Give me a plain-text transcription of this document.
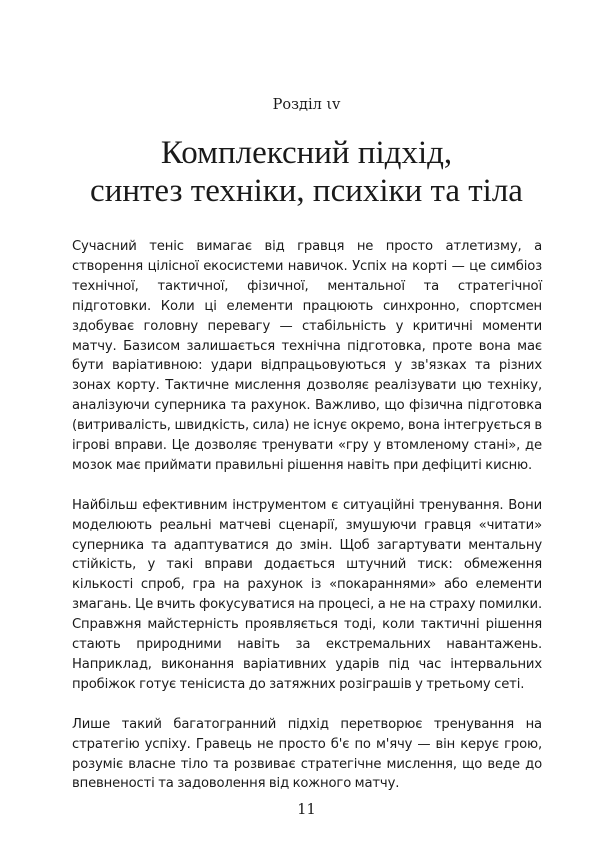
Розділ ιv
Комплексний підхід,
синтез техніки, психіки та тіла

Сучасний теніс вимагає від гравця не просто атлетизму, а створення цілісної екосистеми навичок. Успіх на корті — це симбіоз технічної, тактичної, фізичної, ментальної та стратегічної підготовки. Коли ці елементи працюють синхронно, спортсмен здобуває головну перевагу — стабільність у критичні моменти матчу. Базисом залишається технічна підготовка, проте вона має бути варіативною: удари відпрацьовуються у зв'язках та різних зонах корту. Тактичне мислення дозволяє реалізувати цю техніку, аналізуючи суперника та рахунок. Важливо, що фізична підготовка (витривалість, швидкість, сила) не існує окремо, вона інтегрується в ігрові вправи. Це дозволяє тренувати «гру у втомленому стані», де мозок має приймати правильні рішення навіть при дефіциті кисню.

Найбільш ефективним інструментом є ситуаційні тренування. Вони моделюють реальні матчеві сценарії, змушуючи гравця «читати» суперника та адаптуватися до змін. Щоб загартувати ментальну стійкість, у такі вправи додається штучний тиск: обмеження кількості спроб, гра на рахунок із «покараннями» або елементи змагань. Це вчить фокусуватися на процесі, а не на страху помилки. Справжня майстерність проявляється тоді, коли тактичні рішення стають природними навіть за екстремальних навантажень. Наприклад, виконання варіативних ударів під час інтервальних пробіжок готує тенісиста до затяжних розіграшів у третьому сеті.

Лише такий багатогранний підхід перетворює тренування на стратегію успіху. Гравець не просто б'є по м'ячу — він керує грою, розуміє власне тіло та розвиває стратегічне мислення, що веде до впевненості та задоволення від кожного матчу.

11
